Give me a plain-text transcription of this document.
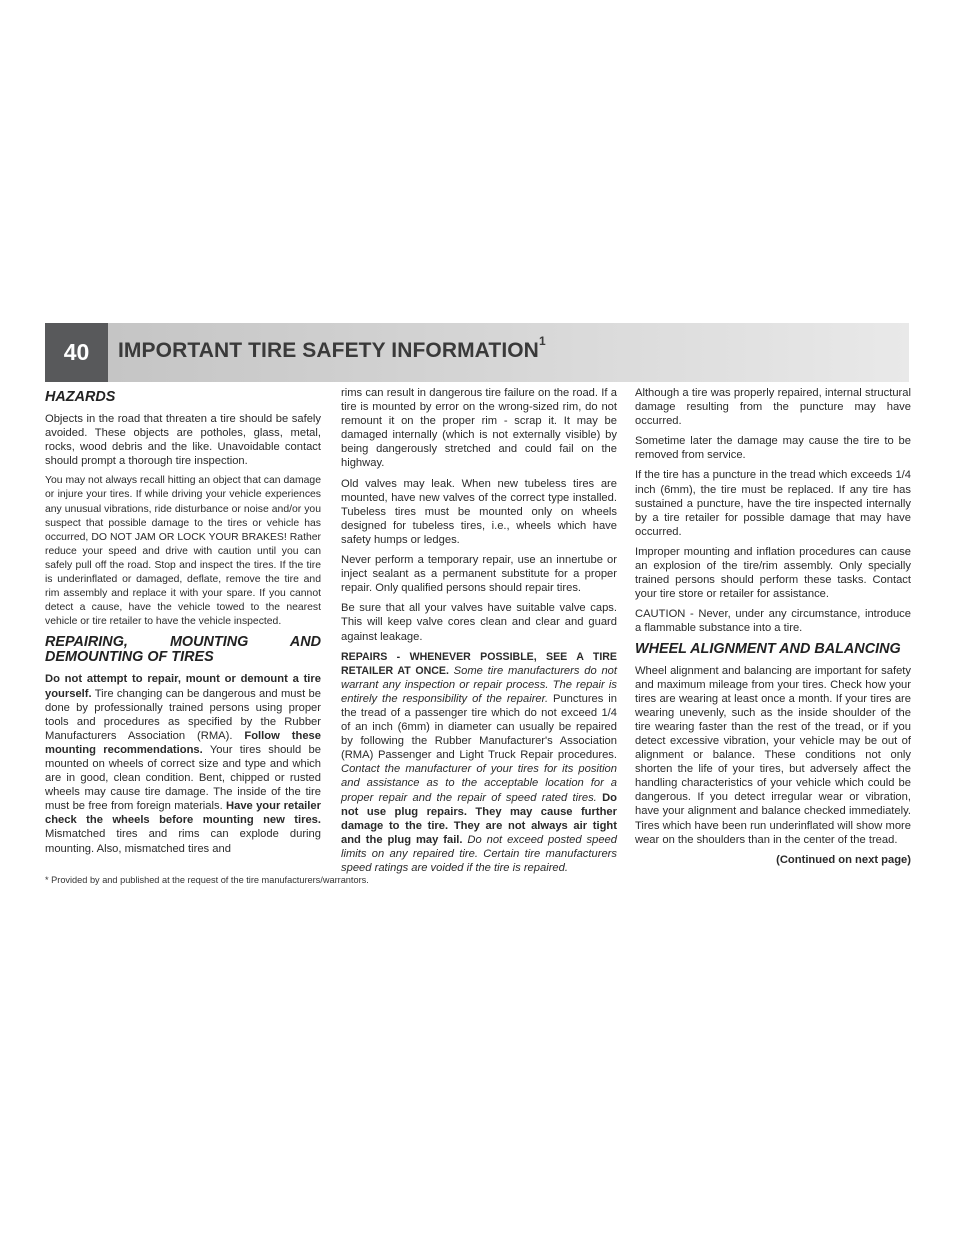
40	IMPORTANT TIRE SAFETY INFORMATION$^1$
HAZARDS

Objects in the road that threaten a tire should be safely avoided. These objects are potholes, glass, metal, rocks, wood debris and the like. Unavoidable contact should prompt a thorough tire inspection.

You may not always recall hitting an object that can damage or injure your tires. If while driving your vehicle experiences any unusual vibrations, ride disturbance or noise and/or you suspect that possible damage to the tires or vehicle has occurred, DO NOT JAM OR LOCK YOUR BRAKES! Rather reduce your speed and drive with caution until you can safely pull off the road. Stop and inspect the tires. If the tire is underinflated or damaged, deflate, remove the tire and rim assembly and replace it with your spare. If you cannot detect a cause, have the vehicle towed to the nearest vehicle or tire retailer to have the vehicle inspected.

REPAIRING, MOUNTING AND DEMOUNTING OF TIRES

Do not attempt to repair, mount or demount a tire yourself. Tire changing can be dangerous and must be done by professionally trained persons using proper tools and procedures as specified by the Rubber Manufacturers Association (RMA). Follow these mounting recommendations. Your tires should be mounted on wheels of correct size and type and which are in good, clean condition. Bent, chipped or rusted wheels may cause tire damage. The inside of the tire must be free from foreign materials. Have your retailer check the wheels before mounting new tires. Mismatched tires and rims can explode during mounting. Also, mismatched tires and

rims can result in dangerous tire failure on the road. If a tire is mounted by error on the wrong-sized rim, do not remount it on the proper rim - scrap it. It may be damaged internally (which is not externally visible) by being dangerously stretched and could fail on the highway.

Old valves may leak. When new tubeless tires are mounted, have new valves of the correct type installed. Tubeless tires must be mounted only on wheels designed for tubeless tires, i.e., wheels which have safety humps or ledges.

Never perform a temporary repair, use an innertube or inject sealant as a permanent substitute for a proper repair. Only qualified persons should repair tires.

Be sure that all your valves have suitable valve caps. This will keep valve cores clean and clear and guard against leakage.

REPAIRS - WHENEVER POSSIBLE, SEE A TIRE RETAILER AT ONCE. Some tire manufacturers do not warrant any inspection or repair process. The repair is entirely the responsibility of the repairer. Punctures in the tread of a passenger tire which do not exceed 1/4 of an inch (6mm) in diameter can usually be repaired by following the Rubber Manufacturer's Association (RMA) Passenger and Light Truck Repair procedures. Contact the manufacturer of your tires for its position and assistance as to the acceptable location for a proper repair and the repair of speed rated tires. Do not use plug repairs. They may cause further damage to the tire. They are not always air tight and the plug may fail. Do not exceed posted speed limits on any repaired tire. Certain tire manufacturers speed ratings are voided if the tire is repaired.

Although a tire was properly repaired, internal structural damage resulting from the puncture may have occurred.

Sometime later the damage may cause the tire to be removed from service.

If the tire has a puncture in the tread which exceeds 1/4 inch (6mm), the tire must be replaced. If any tire has sustained a puncture, have the tire inspected internally by a tire retailer for possible damage that may have occurred.

Improper mounting and inflation procedures can cause an explosion of the tire/rim assembly. Only specially trained persons should perform these tasks. Contact your tire store or retailer for assistance.

CAUTION - Never, under any circumstance, introduce a flammable substance into a tire.

WHEEL ALIGNMENT AND BALANCING

Wheel alignment and balancing are important for safety and maximum mileage from your tires. Check how your tires are wearing at least once a month. If your tires are wearing unevenly, such as the inside shoulder of the tire wearing faster than the rest of the tread, or if you detect excessive vibration, your vehicle may be out of alignment or balance. These conditions not only shorten the life of your tires, but adversely affect the handling characteristics of your vehicle which could be dangerous. If you detect irregular wear or vibration, have your alignment and balance checked immediately. Tires which have been run underinflated will show more wear on the shoulders than in the center of the tread.

(Continued on next page)
* Provided by and published at the request of the tire manufacturers/warrantors.
